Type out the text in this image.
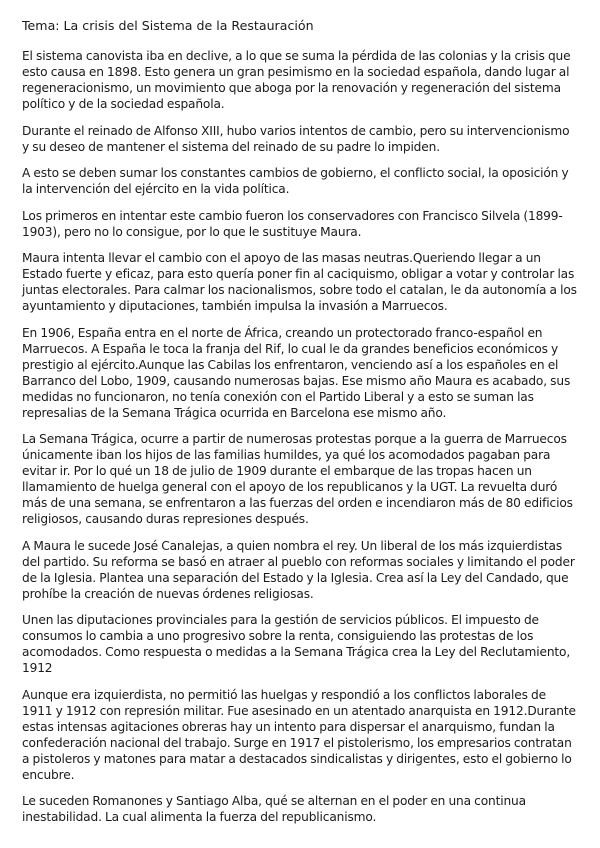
Tema: La crisis del Sistema de la Restauración

El sistema canovista iba en declive, a lo que se suma la pérdida de las colonias y la crisis que esto causa en 1898. Esto genera un gran pesimismo en la sociedad española, dando lugar al regeneracionismo, un movimiento que aboga por la renovación y regeneración del sistema político y de la sociedad española.

Durante el reinado de Alfonso XIII, hubo varios intentos de cambio, pero su intervencionismo y su deseo de mantener el sistema del reinado de su padre lo impiden.

A esto se deben sumar los constantes cambios de gobierno, el conflicto social, la oposición y la intervención del ejército en la vida política.

Los primeros en intentar este cambio fueron los conservadores con Francisco Silvela (1899-1903), pero no lo consigue, por lo que le sustituye Maura.

Maura intenta llevar el cambio con el apoyo de las masas neutras.Queriendo llegar a un Estado fuerte y eficaz, para esto quería poner fin al caciquismo, obligar a votar y controlar las juntas electorales. Para calmar los nacionalismos, sobre todo el catalan, le da autonomía a los ayuntamiento y diputaciones, también impulsa la invasión a Marruecos.

En 1906, España entra en el norte de África, creando un protectorado franco-español en Marruecos. A España le toca la franja del Rif, lo cual le da grandes beneficios económicos y prestigio al ejército.Aunque las Cabilas los enfrentaron, venciendo así a los españoles en el Barranco del Lobo, 1909, causando numerosas bajas. Ese mismo año Maura es acabado, sus medidas no funcionaron, no tenía conexión con el Partido Liberal y a esto se suman las represalias de la Semana Trágica ocurrida en Barcelona ese mismo año.

La Semana Trágica, ocurre a partir de numerosas protestas porque a la guerra de Marruecos únicamente iban los hijos de las familias humildes, ya qué los acomodados pagaban para evitar ir. Por lo qué un 18 de julio de 1909 durante el embarque de las tropas hacen un llamamiento de huelga general con el apoyo de los republicanos y la UGT. La revuelta duró más de una semana, se enfrentaron a las fuerzas del orden e incendiaron más de 80 edificios religiosos, causando duras represiones después.

A Maura le sucede José Canalejas, a quien nombra el rey. Un liberal de los más izquierdistas del partido. Su reforma se basó en atraer al pueblo con reformas sociales y limitando el poder de la Iglesia. Plantea una separación del Estado y la Iglesia. Crea así la Ley del Candado, que prohíbe la creación de nuevas órdenes religiosas.

Unen las diputaciones provinciales para la gestión de servicios públicos. El impuesto de consumos lo cambia a uno progresivo sobre la renta, consiguiendo las protestas de los acomodados. Como respuesta o medidas a la Semana Trágica crea la Ley del Reclutamiento, 1912

Aunque era izquierdista, no permitió las huelgas y respondió a los conflictos laborales de 1911 y 1912 con represión militar. Fue asesinado en un atentado anarquista en 1912.Durante estas intensas agitaciones obreras hay un intento para dispersar el anarquismo, fundan la confederación nacional del trabajo. Surge en 1917 el pistolerismo, los empresarios contratan a pistoleros y matones para matar a destacados sindicalistas y dirigentes, esto el gobierno lo encubre.

Le suceden Romanones y Santiago Alba, qué se alternan en el poder en una continua inestabilidad. La cual alimenta la fuerza del republicanismo.
